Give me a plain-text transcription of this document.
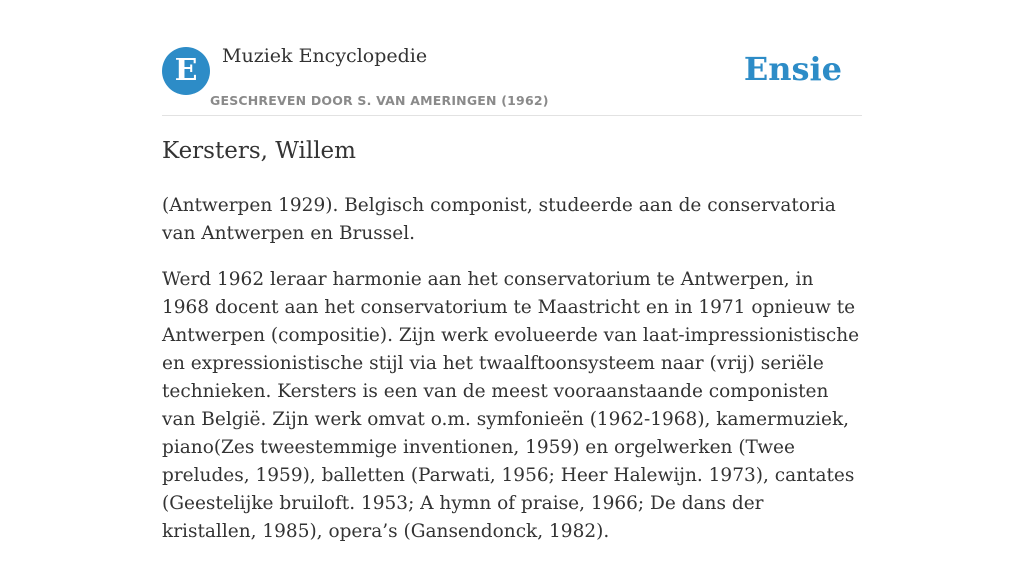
E	Muziek Encyclopedie
GESCHREVEN DOOR S. VAN AMERINGEN (1962)
Ensie
Kersters, Willem

(Antwerpen 1929). Belgisch componist, studeerde aan de conservatoria van Antwerpen en Brussel.

Werd 1962 leraar harmonie aan het conservatorium te Antwerpen, in 1968 docent aan het conservatorium te Maastricht en in 1971 opnieuw te Antwerpen (compositie). Zijn werk evolueerde van laat-impressionistische en expressionistische stijl via het twaalftoonsysteem naar (vrij) seriële technieken. Kersters is een van de meest vooraanstaande componisten van België. Zijn werk omvat o.m. symfonieën (1962-1968), kamermuziek, piano(Zes tweestemmige inventionen, 1959) en orgelwerken (Twee preludes, 1959), balletten (Parwati, 1956; Heer Halewijn. 1973), cantates (Geestelijke bruiloft. 1953; A hymn of praise, 1966; De dans der kristallen, 1985), opera’s (Gansendonck, 1982).
